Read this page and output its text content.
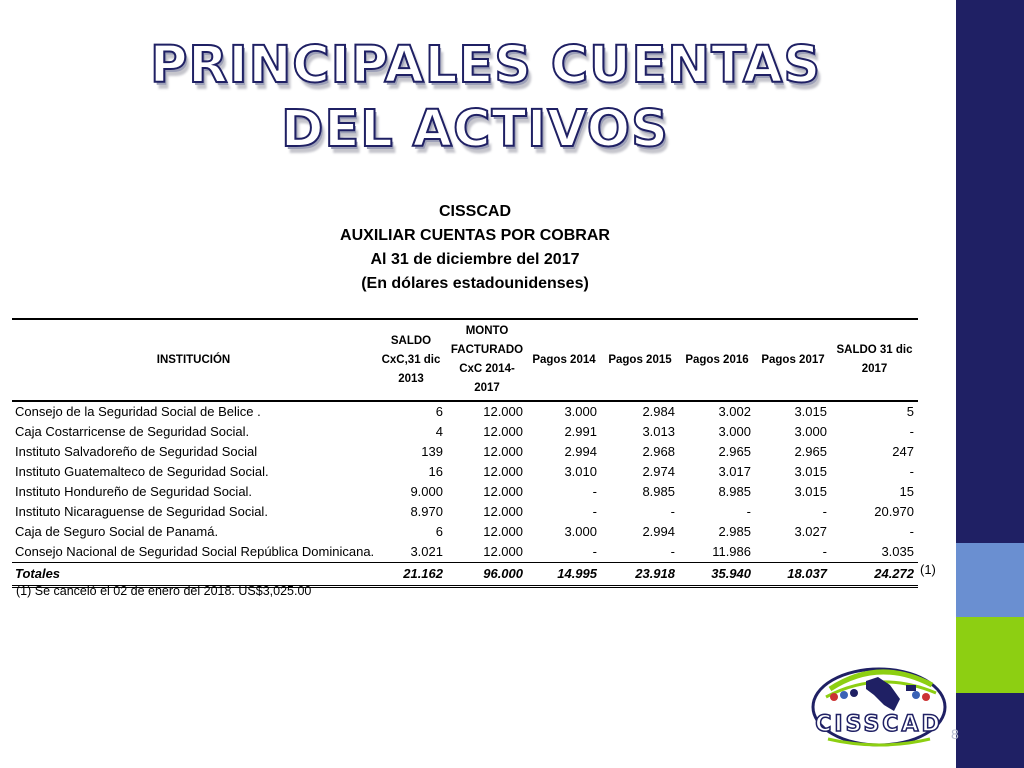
PRINCIPALES CUENTAS
DEL ACTIVOS
CISSCAD
AUXILIAR CUENTAS POR COBRAR
Al 31 de diciembre del 2017
(En dólares estadounidenses)
INSTITUCIÓN	SALDO CxC,31 dic 2013	MONTO FACTURADO CxC 2014-2017	Pagos 2014	Pagos 2015	Pagos 2016	Pagos 2017	SALDO 31 dic 2017
Consejo de la Seguridad Social de Belice .	6	12.000	3.000	2.984	3.002	3.015	5
Caja Costarricense de Seguridad Social.	4	12.000	2.991	3.013	3.000	3.000	-
Instituto Salvadoreño de Seguridad Social	139	12.000	2.994	2.968	2.965	2.965	247
Instituto Guatemalteco de Seguridad Social.	16	12.000	3.010	2.974	3.017	3.015	-
Instituto Hondureño de Seguridad Social.	9.000	12.000	-	8.985	8.985	3.015	15
Instituto Nicaraguense de Seguridad Social.	8.970	12.000	-	-	-	-	20.970
Caja de Seguro Social de Panamá.	6	12.000	3.000	2.994	2.985	3.027	-
Consejo Nacional de Seguridad Social República Dominicana.	3.021	12.000	-	-	11.986	-	3.035
Totales	21.162	96.000	14.995	23.918	35.940	18.037	24.272 (1)
(1) Se canceló el 02 de enero del 2018. US$3,025.00
CISSCAD 8
